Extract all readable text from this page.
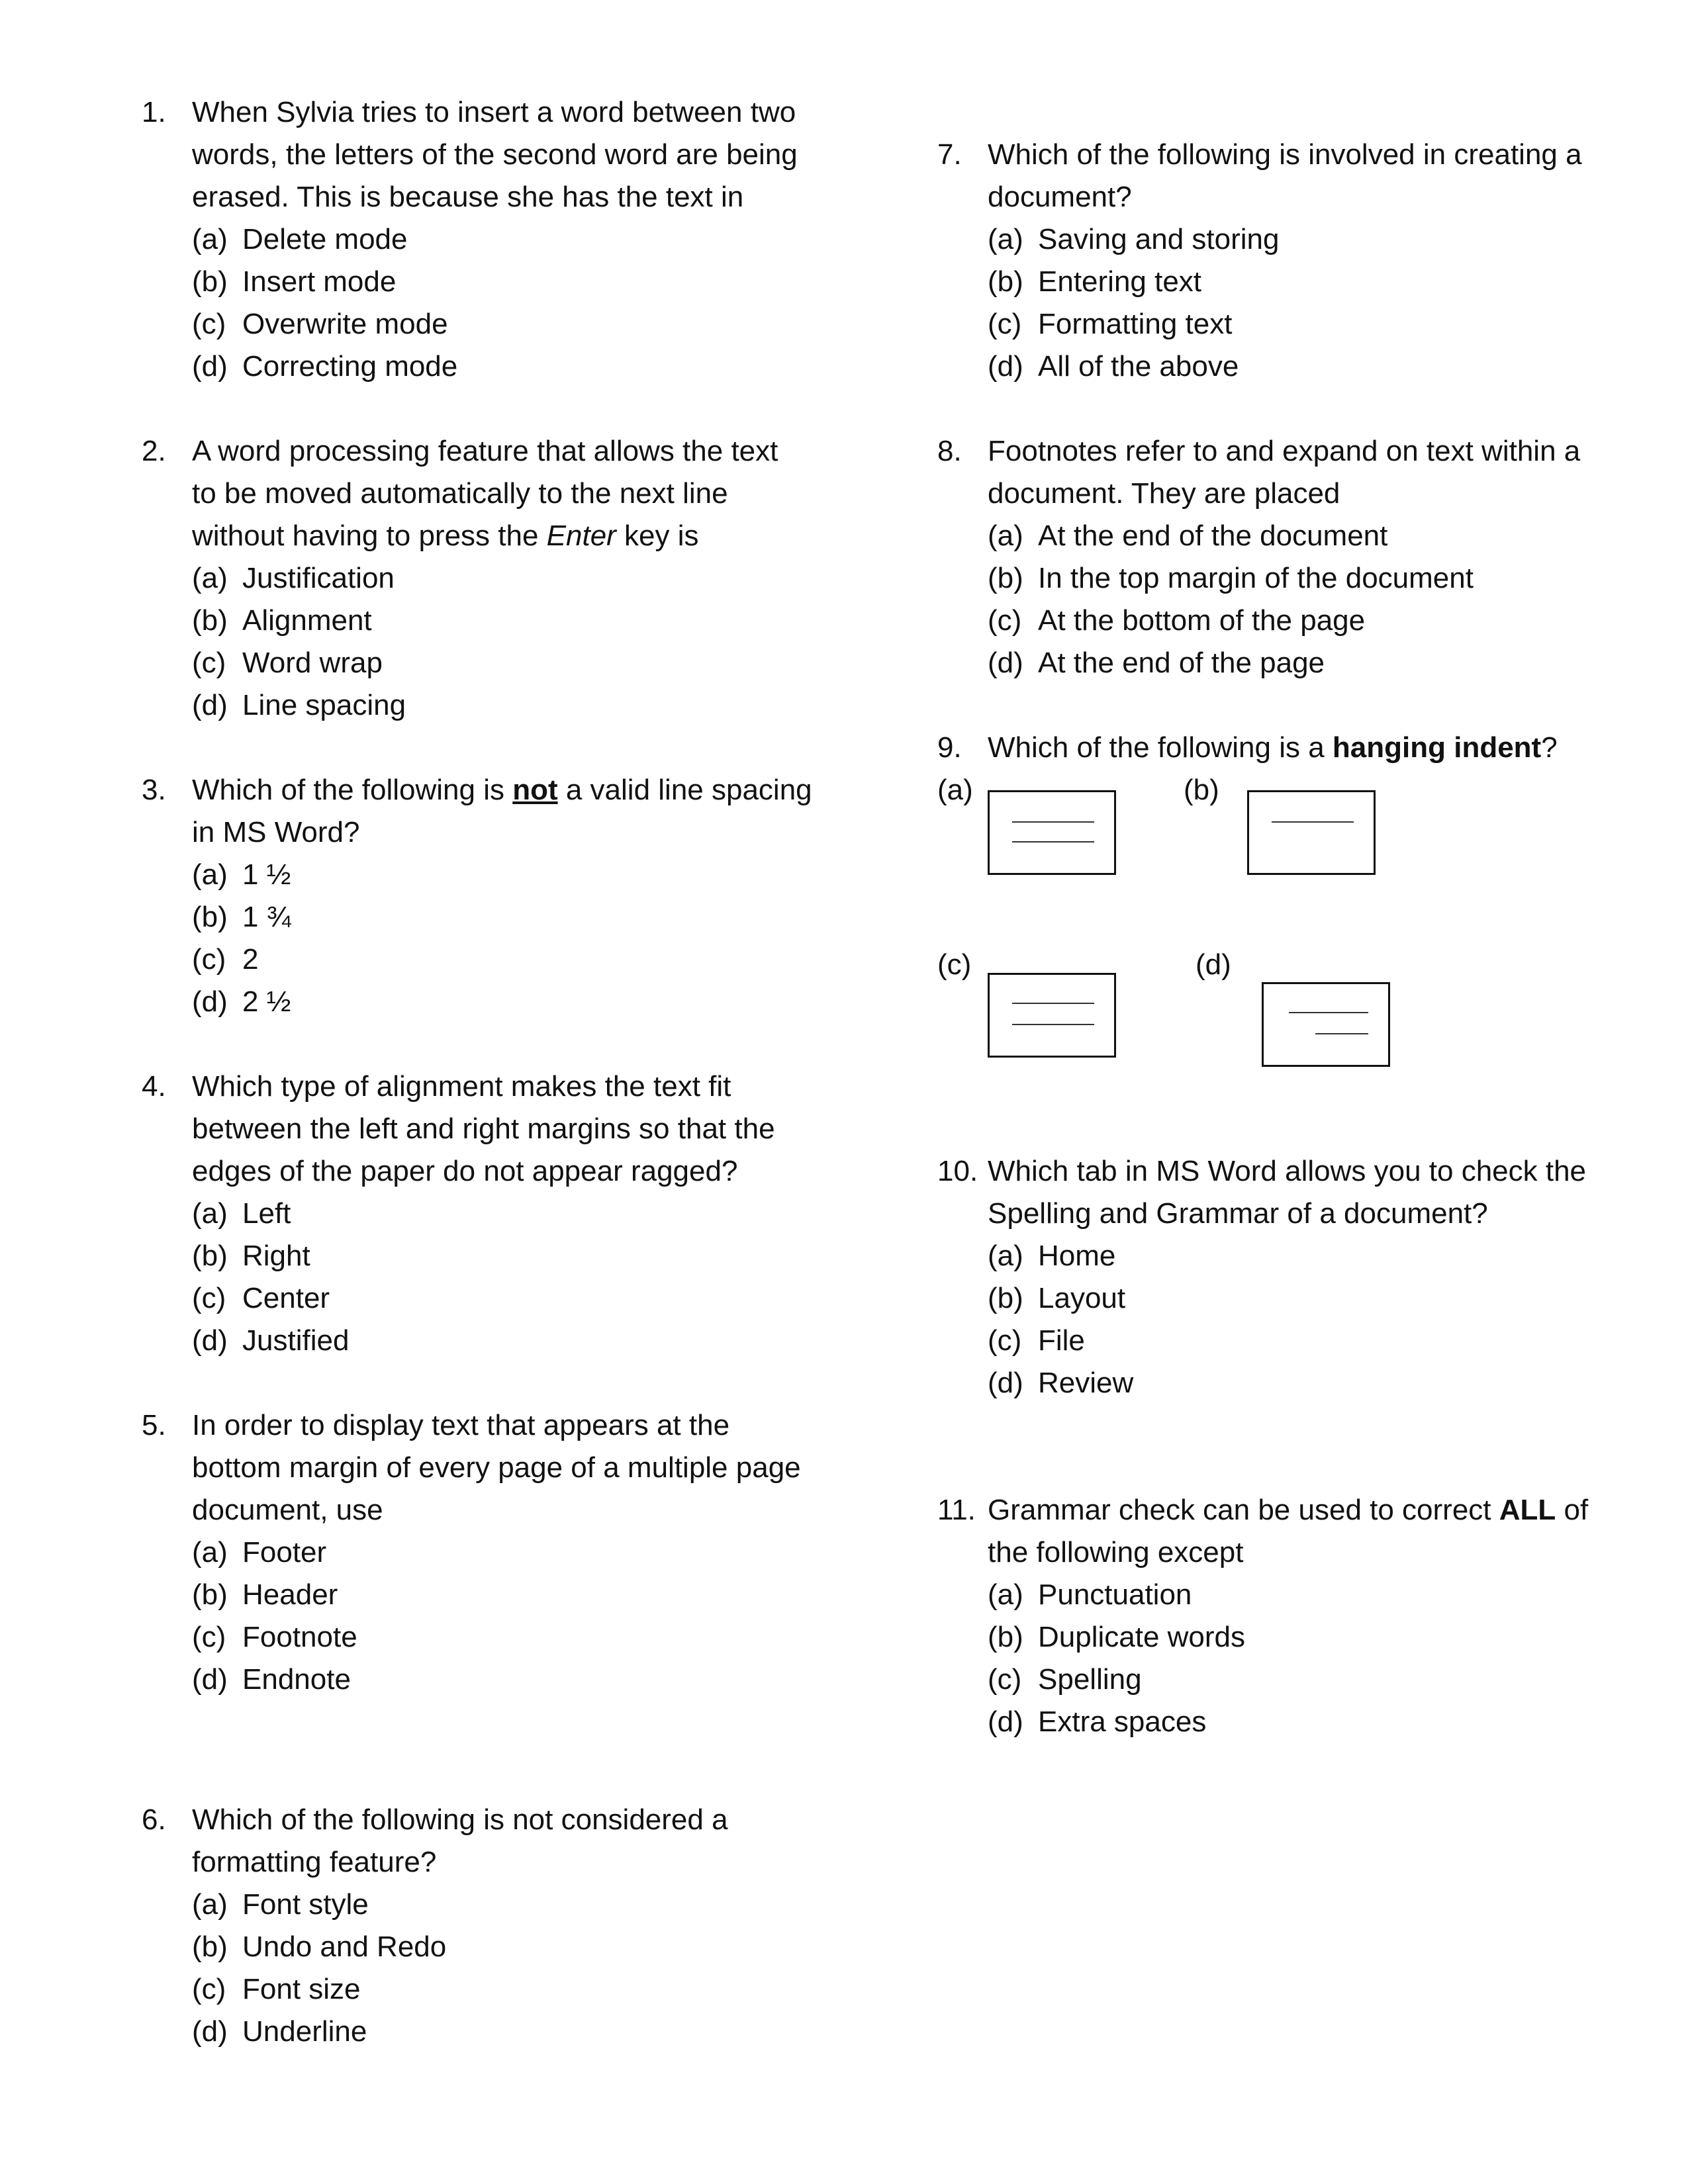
1. When Sylvia tries to insert a word between two
words, the letters of the second word are being
erased. This is because she has the text in
(a) Delete mode
(b) Insert mode
(c) Overwrite mode
(d) Correcting mode
2. A word processing feature that allows the text
to be moved automatically to the next line
without having to press the Enter key is
(a) Justification
(b) Alignment
(c) Word wrap
(d) Line spacing
3. Which of the following is not a valid line spacing
in MS Word?
(a) 1 ½
(b) 1 ¾
(c) 2
(d) 2 ½
4. Which type of alignment makes the text fit
between the left and right margins so that the
edges of the paper do not appear ragged?
(a) Left
(b) Right
(c) Center
(d) Justified
5. In order to display text that appears at the
bottom margin of every page of a multiple page
document, use
(a) Footer
(b) Header
(c) Footnote
(d) Endnote
6. Which of the following is not considered a
formatting feature?
(a) Font style
(b) Undo and Redo
(c) Font size
(d) Underline
7. Which of the following is involved in creating a
document?
(a) Saving and storing
(b) Entering text
(c) Formatting text
(d) All of the above
8. Footnotes refer to and expand on text within a
document. They are placed
(a) At the end of the document
(b) In the top margin of the document
(c) At the bottom of the page
(d) At the end of the page
9. Which of the following is a hanging indent?
(a)	(b)
(c)	(d)
10. Which tab in MS Word allows you to check the
Spelling and Grammar of a document?
(a) Home
(b) Layout
(c) File
(d) Review
11. Grammar check can be used to correct ALL of
the following except
(a) Punctuation
(b) Duplicate words
(c) Spelling
(d) Extra spaces
